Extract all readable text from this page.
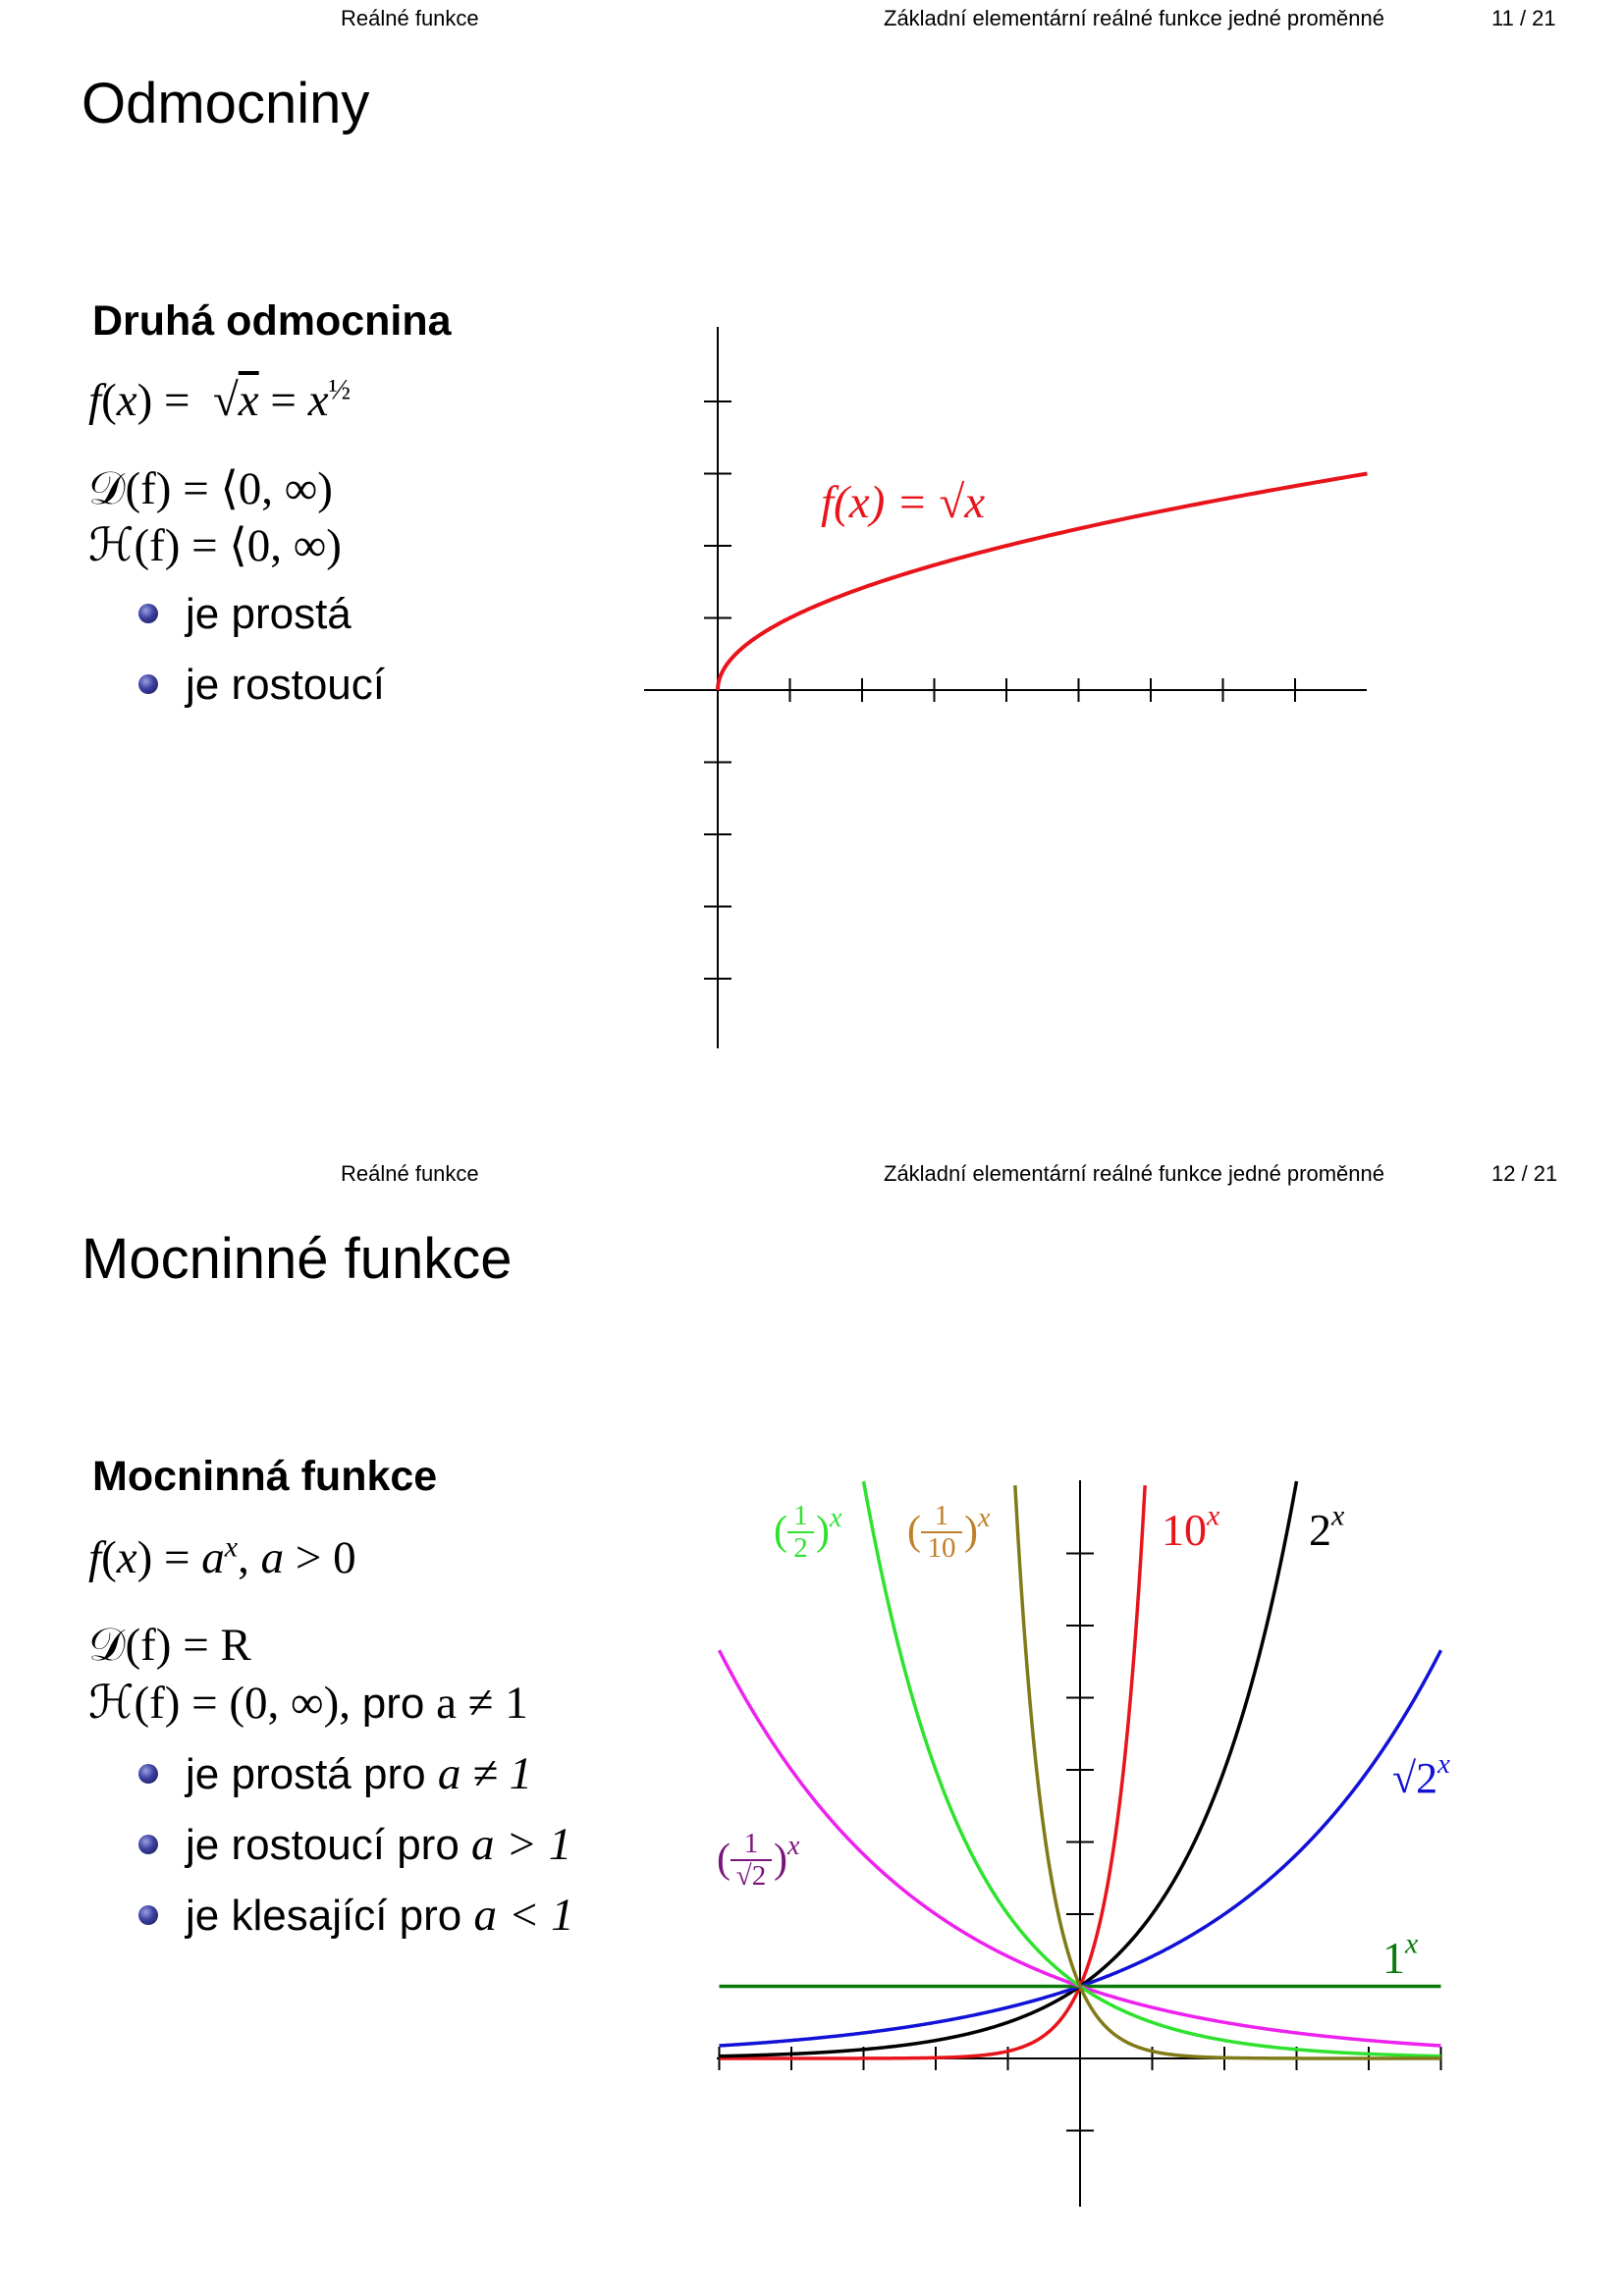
Reálné funkce	Základní elementární reálné funkce jedné proměnné	11 / 21
Odmocniny
Druhá odmocnina
$f(x) = √x = x^{\frac{1}{2}}$
𝒟(f) = ⟨0, ∞)
ℋ(f) = ⟨0, ∞)
je prostá
je rostoucí
f(x) = √x
Reálné funkce	Základní elementární reálné funkce jedné proměnné	12 / 21
Mocninné funkce
Mocninná funkce
$f(x) = a^x$, a > 0
𝒟(f) = R
ℋ(f) = (0, ∞), pro a ≠ 1
je prostá pro a ≠ 1
je rostoucí pro a > 1
je klesající pro a < 1
10$^x$ 2$^x$
√2$^x$
1$^x$
( 1
2 ) x ( 1
10 ) x
( 1
√2 ) x
